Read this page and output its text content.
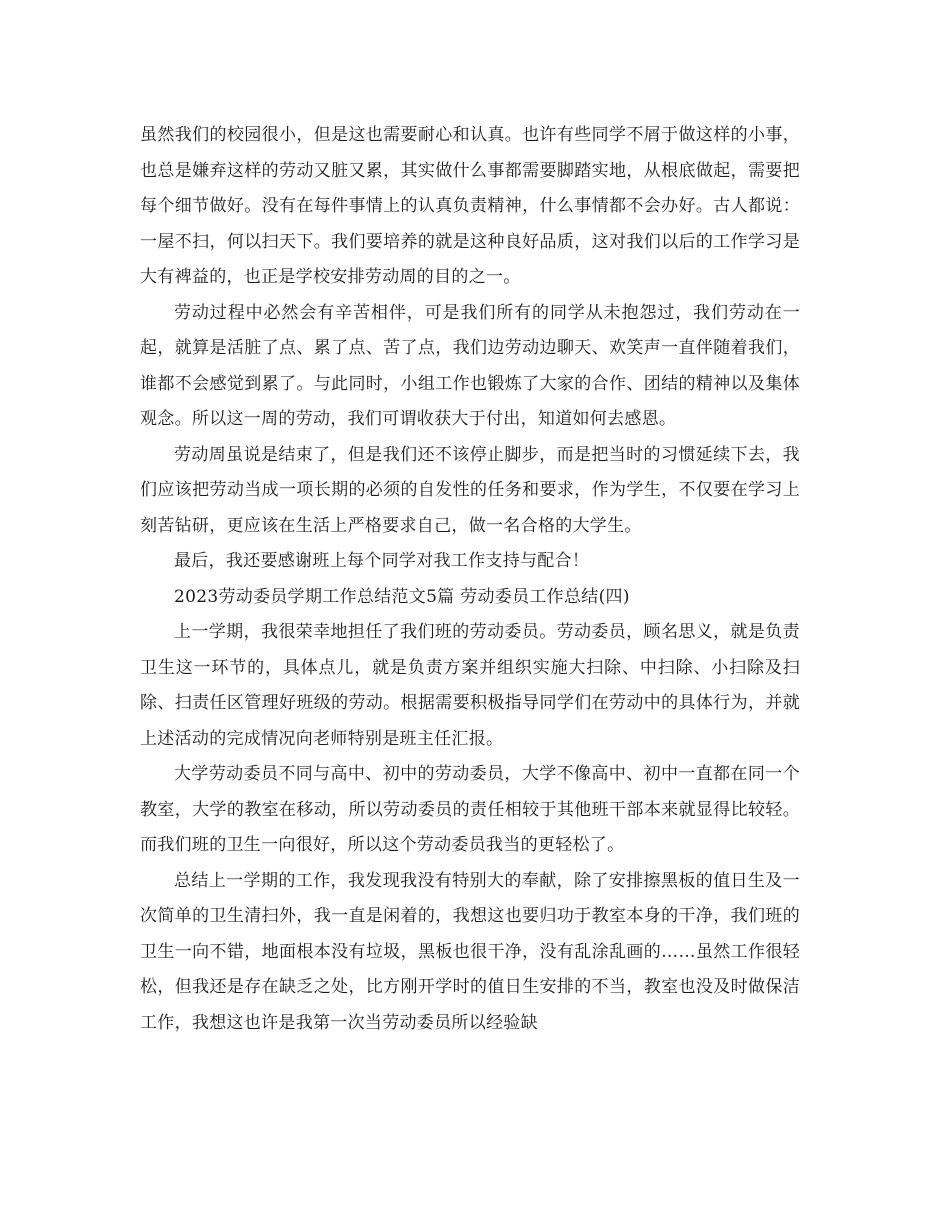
虽然我们的校园很小，但是这也需要耐心和认真。也许有些同学不屑于做这样的小事，也总是嫌弃这样的劳动又脏又累，其实做什么事都需要脚踏实地，从根底做起，需要把每个细节做好。没有在每件事情上的认真负责精神，什么事情都不会办好。古人都说：一屋不扫，何以扫天下。我们要培养的就是这种良好品质，这对我们以后的工作学习是大有裨益的，也正是学校安排劳动周的目的之一。

劳动过程中必然会有辛苦相伴，可是我们所有的同学从未抱怨过，我们劳动在一起，就算是活脏了点、累了点、苦了点，我们边劳动边聊天、欢笑声一直伴随着我们，谁都不会感觉到累了。与此同时，小组工作也锻炼了大家的合作、团结的精神以及集体观念。所以这一周的劳动，我们可谓收获大于付出，知道如何去感恩。

劳动周虽说是结束了，但是我们还不该停止脚步，而是把当时的习惯延续下去，我们应该把劳动当成一项长期的必须的自发性的任务和要求，作为学生，不仅要在学习上刻苦钻研，更应该在生活上严格要求自己，做一名合格的大学生。

最后，我还要感谢班上每个同学对我工作支持与配合！

2023劳动委员学期工作总结范文5篇 劳动委员工作总结(四)

上一学期，我很荣幸地担任了我们班的劳动委员。劳动委员，顾名思义，就是负责卫生这一环节的，具体点儿，就是负责方案并组织实施大扫除、中扫除、小扫除及扫除、扫责任区管理好班级的劳动。根据需要积极指导同学们在劳动中的具体行为，并就上述活动的完成情况向老师特别是班主任汇报。

大学劳动委员不同与高中、初中的劳动委员，大学不像高中、初中一直都在同一个教室，大学的教室在移动，所以劳动委员的责任相较于其他班干部本来就显得比较轻。而我们班的卫生一向很好，所以这个劳动委员我当的更轻松了。

总结上一学期的工作，我发现我没有特别大的奉献，除了安排擦黑板的值日生及一次简单的卫生清扫外，我一直是闲着的，我想这也要归功于教室本身的干净，我们班的卫生一向不错，地面根本没有垃圾，黑板也很干净，没有乱涂乱画的……虽然工作很轻松，但我还是存在缺乏之处，比方刚开学时的值日生安排的不当，教室也没及时做保洁工作，我想这也许是我第一次当劳动委员所以经验缺
